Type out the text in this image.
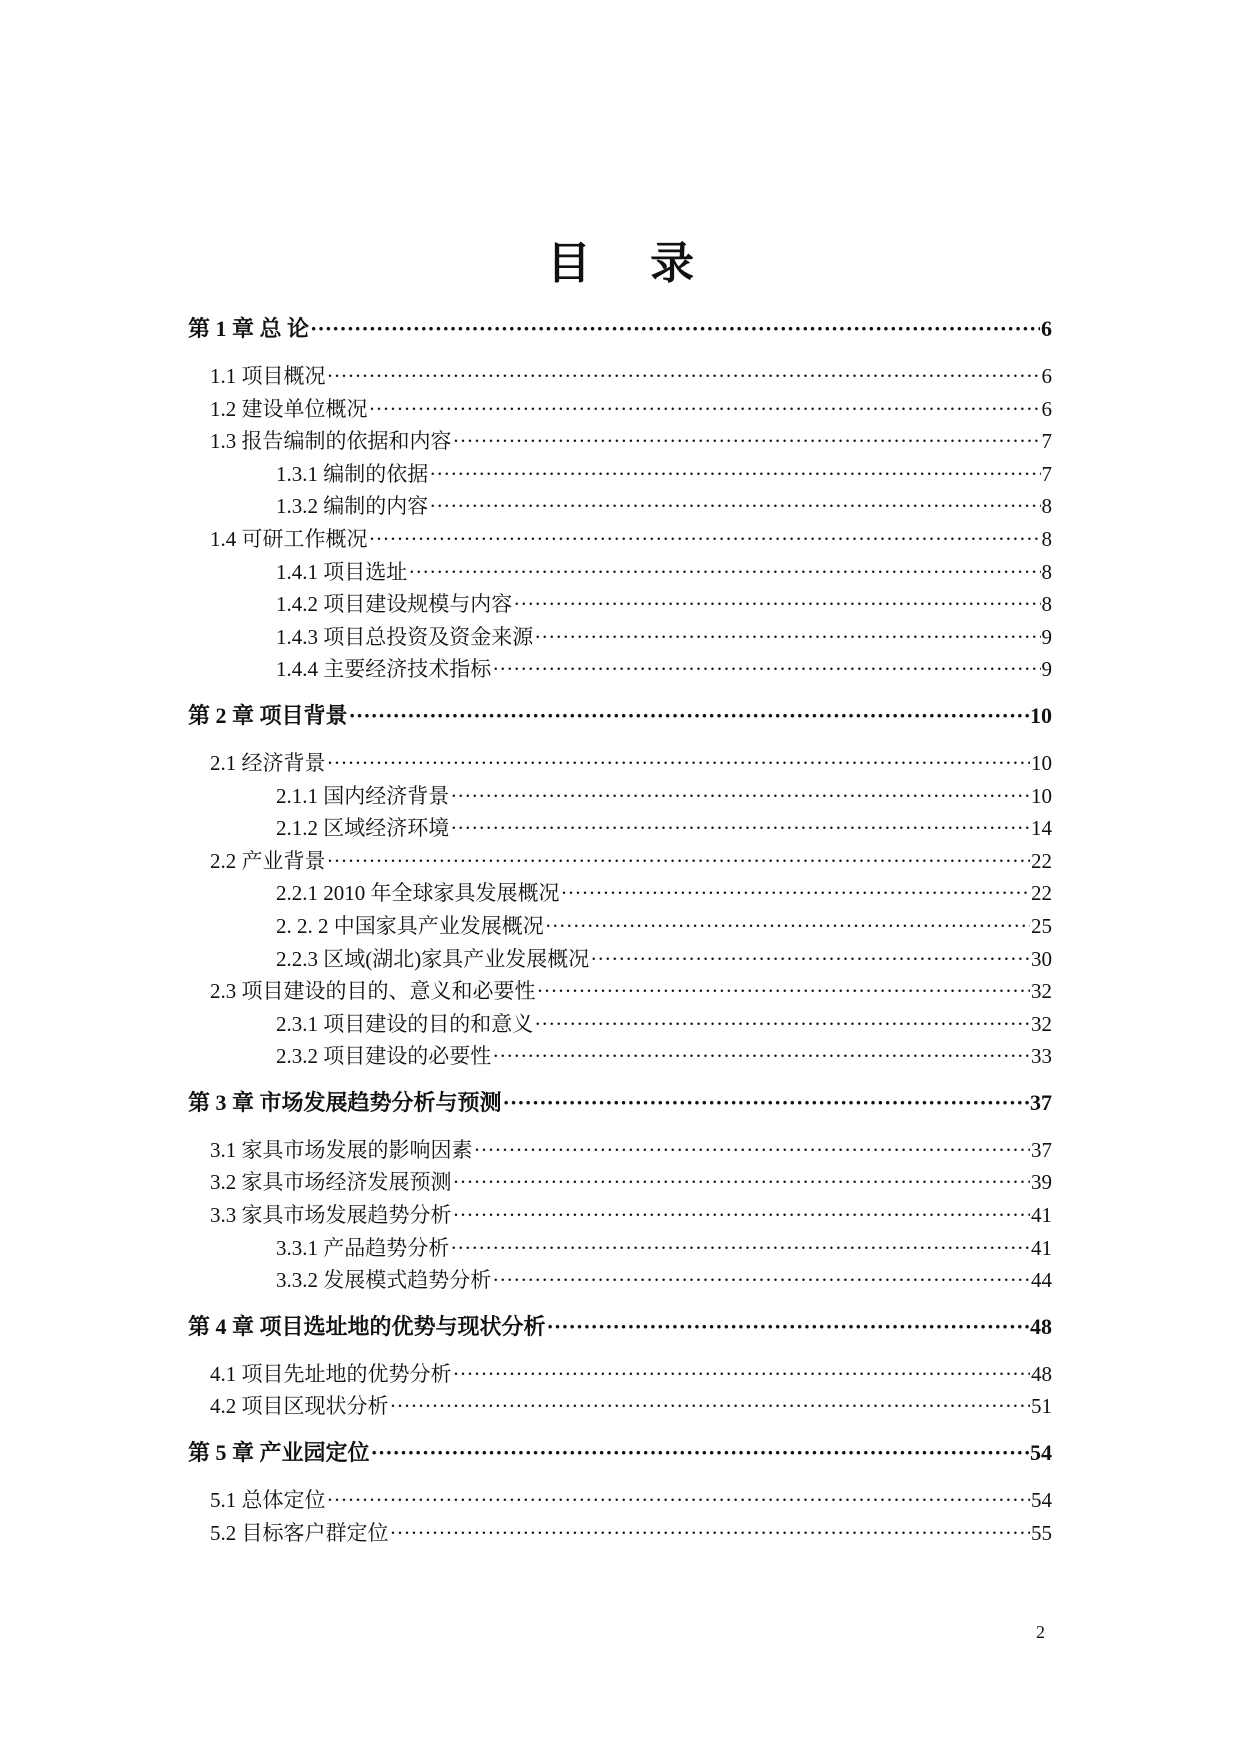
目 录
第 1 章 总 论 ·····	6
1.1 项目概况 ·····	6
1.2 建设单位概况 ·····	6
1.3 报告编制的依据和内容 ·····	7
1.3.1 编制的依据 ·····	7
1.3.2 编制的内容 ·····	8
1.4 可研工作概况 ·····	8
1.4.1 项目选址 ·····	8
1.4.2 项目建设规模与内容 ·····	8
1.4.3 项目总投资及资金来源 ·····	9
1.4.4 主要经济技术指标 ·····	9
第 2 章 项目背景 ·····	10
2.1 经济背景 ·····	10
2.1.1 国内经济背景 ·····	10
2.1.2 区域经济环境 ·····	14
2.2 产业背景 ·····	22
2.2.1 2010 年全球家具发展概况 ·····	22
2. 2. 2 中国家具产业发展概况 ·····	25
2.2.3 区域(湖北)家具产业发展概况 ·····	30
2.3 项目建设的目的、意义和必要性 ·····	32
2.3.1 项目建设的目的和意义 ·····	32
2.3.2 项目建设的必要性 ·····	33
第 3 章 市场发展趋势分析与预测 ·····	37
3.1 家具市场发展的影响因素 ·····	37
3.2 家具市场经济发展预测 ·····	39
3.3 家具市场发展趋势分析 ·····	41
3.3.1 产品趋势分析 ·····	41
3.3.2 发展模式趋势分析 ·····	44
第 4 章 项目选址地的优势与现状分析 ·····	48
4.1 项目先址地的优势分析 ·····	48
4.2 项目区现状分析 ·····	51
第 5 章 产业园定位 ·····	54
5.1 总体定位 ·····	54
5.2 目标客户群定位 ·····	55
2
